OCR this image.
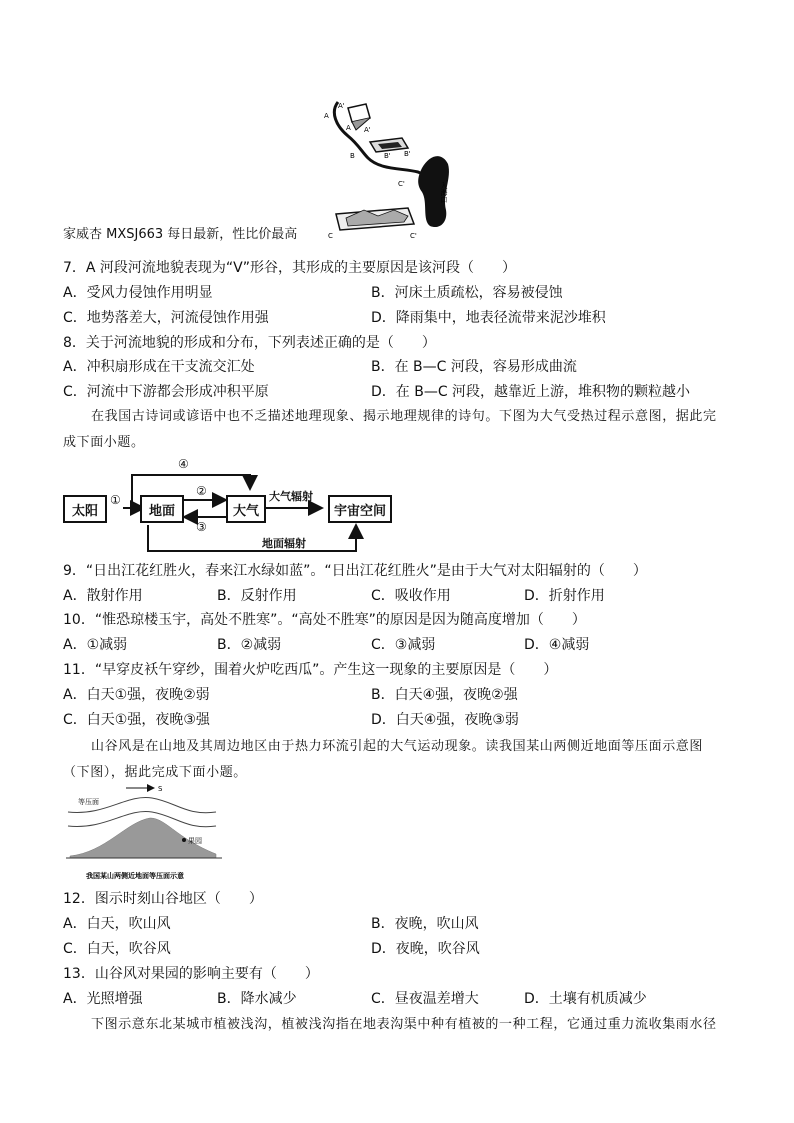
A
A'
A A'
B	B' B'
C'
C	C'
入海口
家威杏 MXSJ663 每日最新，性比价最高
7．A 河段河流地貌表现为“V”形谷，其形成的主要原因是该河段（　　）
A．受风力侵蚀作用明显	B．河床土质疏松，容易被侵蚀
C．地势落差大，河流侵蚀作用强	D．降雨集中，地表径流带来泥沙堆积
8．关于河流地貌的形成和分布，下列表述正确的是（　　）
A．冲积扇形成在干支流交汇处	B．在 B—C 河段，容易形成曲流
C．河流中下游都会形成冲积平原	D．在 B—C 河段，越靠近上游，堆积物的颗粒越小
在我国古诗词或谚语中也不乏描述地理现象、揭示地理规律的诗句。下图为大气受热过程示意图，据此完
成下面小题。
太阳	地面	大气	宇宙空间
①
②
③
④
大气辐射
地面辐射
9．“日出江花红胜火，春来江水绿如蓝”。“日出江花红胜火”是由于大气对太阳辐射的（　　）
A．散射作用	B．反射作用	C．吸收作用	D．折射作用
10．“惟恐琼楼玉宇，高处不胜寒”。“高处不胜寒”的原因是因为随高度增加（　　）
A．①减弱	B．②减弱	C．③减弱	D．④减弱
11．“早穿皮袄午穿纱，围着火炉吃西瓜”。产生这一现象的主要原因是（　　）
A．白天①强，夜晚②弱	B．白天④强，夜晚②强
C．白天①强，夜晚③强	D．白天④强，夜晚③弱
山谷风是在山地及其周边地区由于热力环流引起的大气运动现象。读我国某山两侧近地面等压面示意图
（下图），据此完成下面小题。
S
等压面
果园
我国某山两侧近地面等压面示意
12．图示时刻山谷地区（　　）
A．白天，吹山风	B．夜晚，吹山风
C．白天，吹谷风	D．夜晚，吹谷风
13．山谷风对果园的影响主要有（　　）
A．光照增强	B．降水减少	C．昼夜温差增大	D．土壤有机质减少
下图示意东北某城市植被浅沟，植被浅沟指在地表沟渠中种有植被的一种工程，它通过重力流收集雨水径
